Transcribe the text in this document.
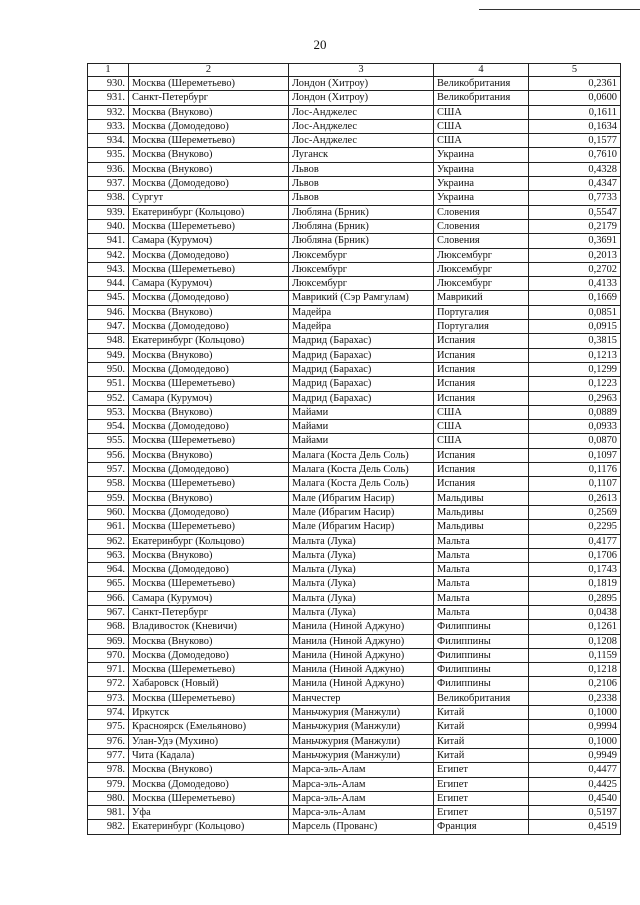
20
1	2	3	4	5
930.	Москва (Шереметьево)	Лондон (Хитроу)	Великобритания	0,2361
931.	Санкт-Петербург	Лондон (Хитроу)	Великобритания	0,0600
932.	Москва (Внуково)	Лос-Анджелес	США	0,1611
933.	Москва (Домодедово)	Лос-Анджелес	США	0,1634
934.	Москва (Шереметьево)	Лос-Анджелес	США	0,1577
935.	Москва (Внуково)	Луганск	Украина	0,7610
936.	Москва (Внуково)	Львов	Украина	0,4328
937.	Москва (Домодедово)	Львов	Украина	0,4347
938.	Сургут	Львов	Украина	0,7733
939.	Екатеринбург (Кольцово)	Любляна (Брник)	Словения	0,5547
940.	Москва (Шереметьево)	Любляна (Брник)	Словения	0,2179
941.	Самара (Курумоч)	Любляна (Брник)	Словения	0,3691
942.	Москва (Домодедово)	Люксембург	Люксембург	0,2013
943.	Москва (Шереметьево)	Люксембург	Люксембург	0,2702
944.	Самара (Курумоч)	Люксембург	Люксембург	0,4133
945.	Москва (Домодедово)	Маврикий (Сэр Рамгулам)	Маврикий	0,1669
946.	Москва (Внуково)	Мадейра	Португалия	0,0851
947.	Москва (Домодедово)	Мадейра	Португалия	0,0915
948.	Екатеринбург (Кольцово)	Мадрид (Барахас)	Испания	0,3815
949.	Москва (Внуково)	Мадрид (Барахас)	Испания	0,1213
950.	Москва (Домодедово)	Мадрид (Барахас)	Испания	0,1299
951.	Москва (Шереметьево)	Мадрид (Барахас)	Испания	0,1223
952.	Самара (Курумоч)	Мадрид (Барахас)	Испания	0,2963
953.	Москва (Внуково)	Майами	США	0,0889
954.	Москва (Домодедово)	Майами	США	0,0933
955.	Москва (Шереметьево)	Майами	США	0,0870
956.	Москва (Внуково)	Малага (Коста Дель Соль)	Испания	0,1097
957.	Москва (Домодедово)	Малага (Коста Дель Соль)	Испания	0,1176
958.	Москва (Шереметьево)	Малага (Коста Дель Соль)	Испания	0,1107
959.	Москва (Внуково)	Мале (Ибрагим Насир)	Мальдивы	0,2613
960.	Москва (Домодедово)	Мале (Ибрагим Насир)	Мальдивы	0,2569
961.	Москва (Шереметьево)	Мале (Ибрагим Насир)	Мальдивы	0,2295
962.	Екатеринбург (Кольцово)	Мальта (Лука)	Мальта	0,4177
963.	Москва (Внуково)	Мальта (Лука)	Мальта	0,1706
964.	Москва (Домодедово)	Мальта (Лука)	Мальта	0,1743
965.	Москва (Шереметьево)	Мальта (Лука)	Мальта	0,1819
966.	Самара (Курумоч)	Мальта (Лука)	Мальта	0,2895
967.	Санкт-Петербург	Мальта (Лука)	Мальта	0,0438
968.	Владивосток (Кневичи)	Манила (Ниной Аджуно)	Филиппины	0,1261
969.	Москва (Внуково)	Манила (Ниной Аджуно)	Филиппины	0,1208
970.	Москва (Домодедово)	Манила (Ниной Аджуно)	Филиппины	0,1159
971.	Москва (Шереметьево)	Манила (Ниной Аджуно)	Филиппины	0,1218
972.	Хабаровск (Новый)	Манила (Ниной Аджуно)	Филиппины	0,2106
973.	Москва (Шереметьево)	Манчестер	Великобритания	0,2338
974.	Иркутск	Маньчжурия (Манжули)	Китай	0,1000
975.	Красноярск (Емельяново)	Маньчжурия (Манжули)	Китай	0,9994
976.	Улан-Удэ (Мухино)	Маньчжурия (Манжули)	Китай	0,1000
977.	Чита (Кадала)	Маньчжурия (Манжули)	Китай	0,9949
978.	Москва (Внуково)	Марса-эль-Алам	Египет	0,4477
979.	Москва (Домодедово)	Марса-эль-Алам	Египет	0,4425
980.	Москва (Шереметьево)	Марса-эль-Алам	Египет	0,4540
981.	Уфа	Марса-эль-Алам	Египет	0,5197
982.	Екатеринбург (Кольцово)	Марсель (Прованс)	Франция	0,4519
